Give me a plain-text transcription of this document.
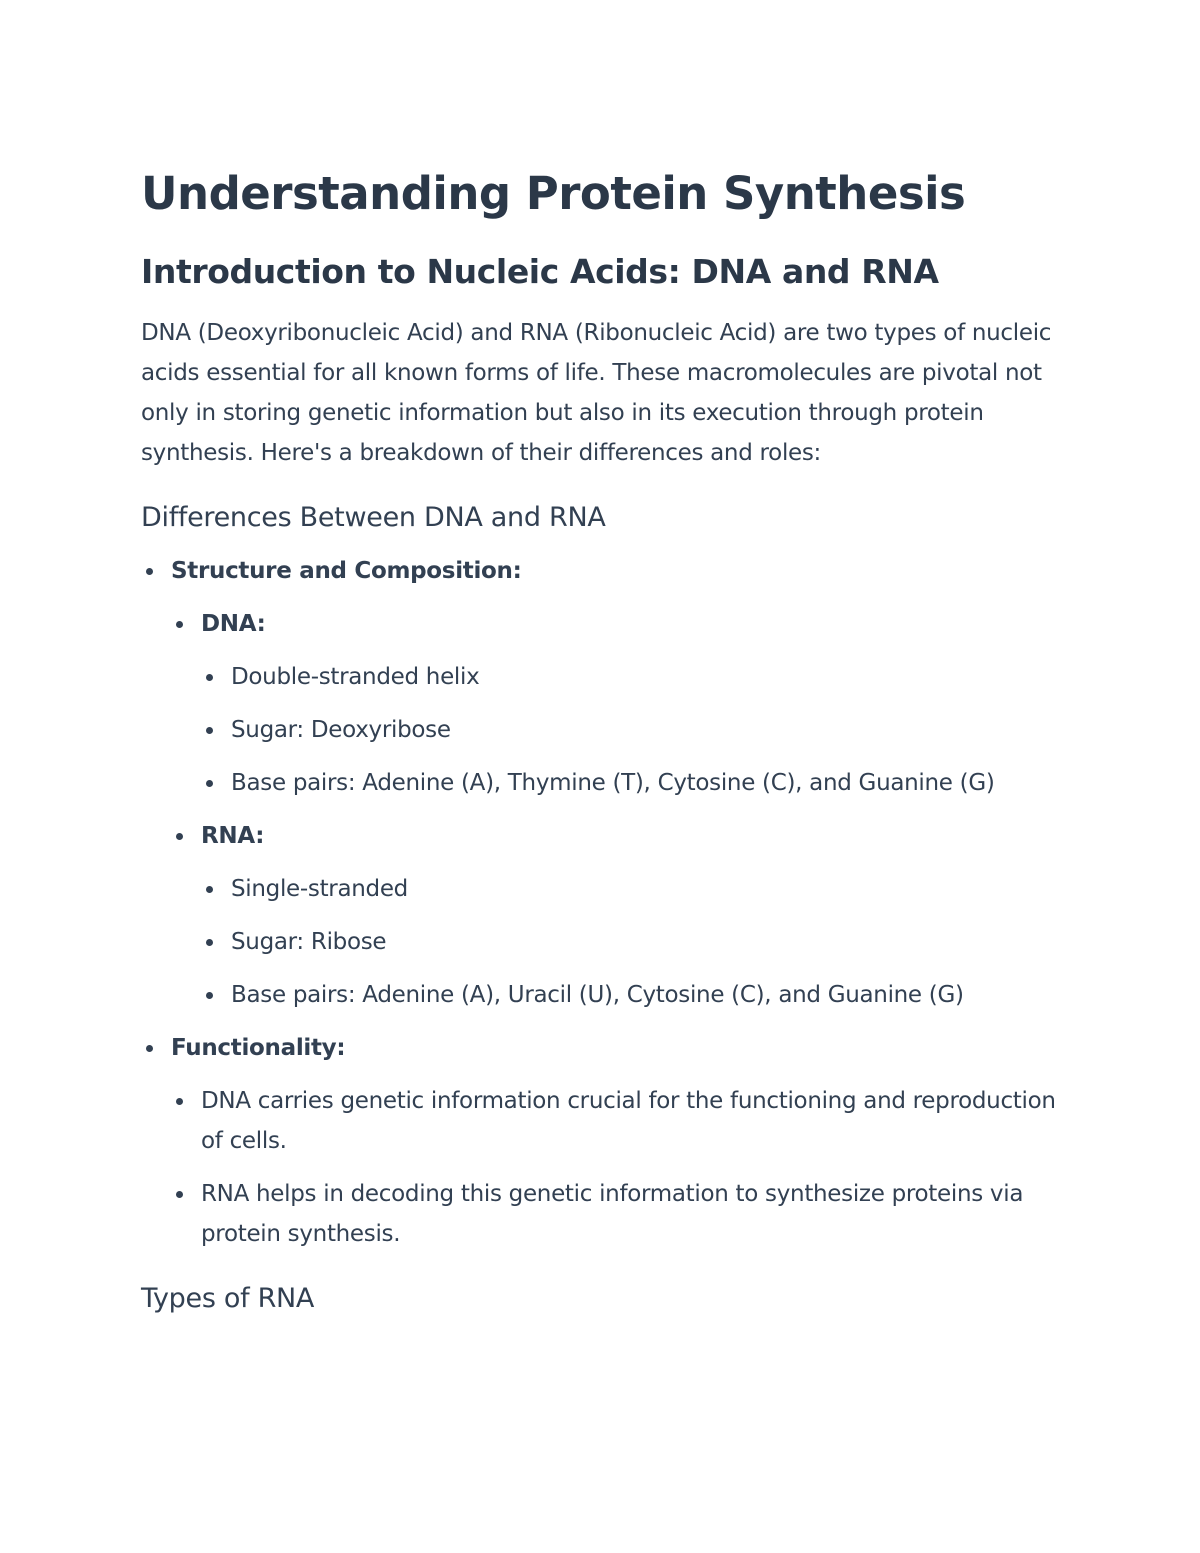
Understanding Protein Synthesis
Introduction to Nucleic Acids: DNA and RNA

DNA (Deoxyribonucleic Acid) and RNA (Ribonucleic Acid) are two types of nucleic acids essential for all known forms of life. These macromolecules are pivotal not only in storing genetic information but also in its execution through protein synthesis. Here's a breakdown of their differences and roles:

Differences Between DNA and RNA
Structure and Composition:
DNA:
Double-stranded helix
Sugar: Deoxyribose
Base pairs: Adenine (A), Thymine (T), Cytosine (C), and Guanine (G)
RNA:
Single-stranded
Sugar: Ribose
Base pairs: Adenine (A), Uracil (U), Cytosine (C), and Guanine (G)
Functionality:
DNA carries genetic information crucial for the functioning and reproduction of cells.
RNA helps in decoding this genetic information to synthesize proteins via protein synthesis.
Types of RNA
